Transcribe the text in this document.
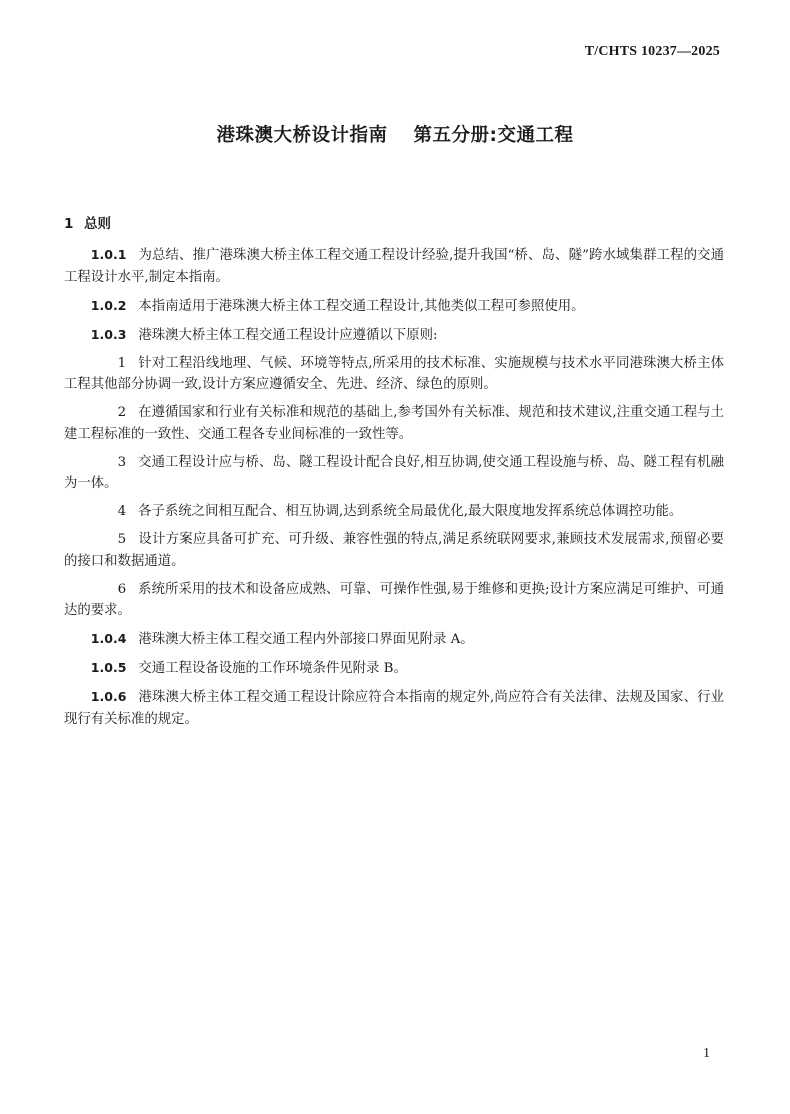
T/CHTS 10237—2025
港珠澳大桥设计指南 第五分册:交通工程
1 总则

1.0.1 为总结、推广港珠澳大桥主体工程交通工程设计经验,提升我国“桥、岛、隧”跨水域集群工程的交通工程设计水平,制定本指南。

1.0.2 本指南适用于港珠澳大桥主体工程交通工程设计,其他类似工程可参照使用。

1.0.3 港珠澳大桥主体工程交通工程设计应遵循以下原则:

1 针对工程沿线地理、气候、环境等特点,所采用的技术标准、实施规模与技术水平同港珠澳大桥主体工程其他部分协调一致,设计方案应遵循安全、先进、经济、绿色的原则。

2 在遵循国家和行业有关标准和规范的基础上,参考国外有关标准、规范和技术建议,注重交通工程与土建工程标准的一致性、交通工程各专业间标准的一致性等。

3 交通工程设计应与桥、岛、隧工程设计配合良好,相互协调,使交通工程设施与桥、岛、隧工程有机融为一体。

4 各子系统之间相互配合、相互协调,达到系统全局最优化,最大限度地发挥系统总体调控功能。

5 设计方案应具备可扩充、可升级、兼容性强的特点,满足系统联网要求,兼顾技术发展需求,预留必要的接口和数据通道。

6 系统所采用的技术和设备应成熟、可靠、可操作性强,易于维修和更换;设计方案应满足可维护、可通达的要求。

1.0.4 港珠澳大桥主体工程交通工程内外部接口界面见附录 A。

1.0.5 交通工程设备设施的工作环境条件见附录 B。

1.0.6 港珠澳大桥主体工程交通工程设计除应符合本指南的规定外,尚应符合有关法律、法规及国家、行业现行有关标准的规定。

1
